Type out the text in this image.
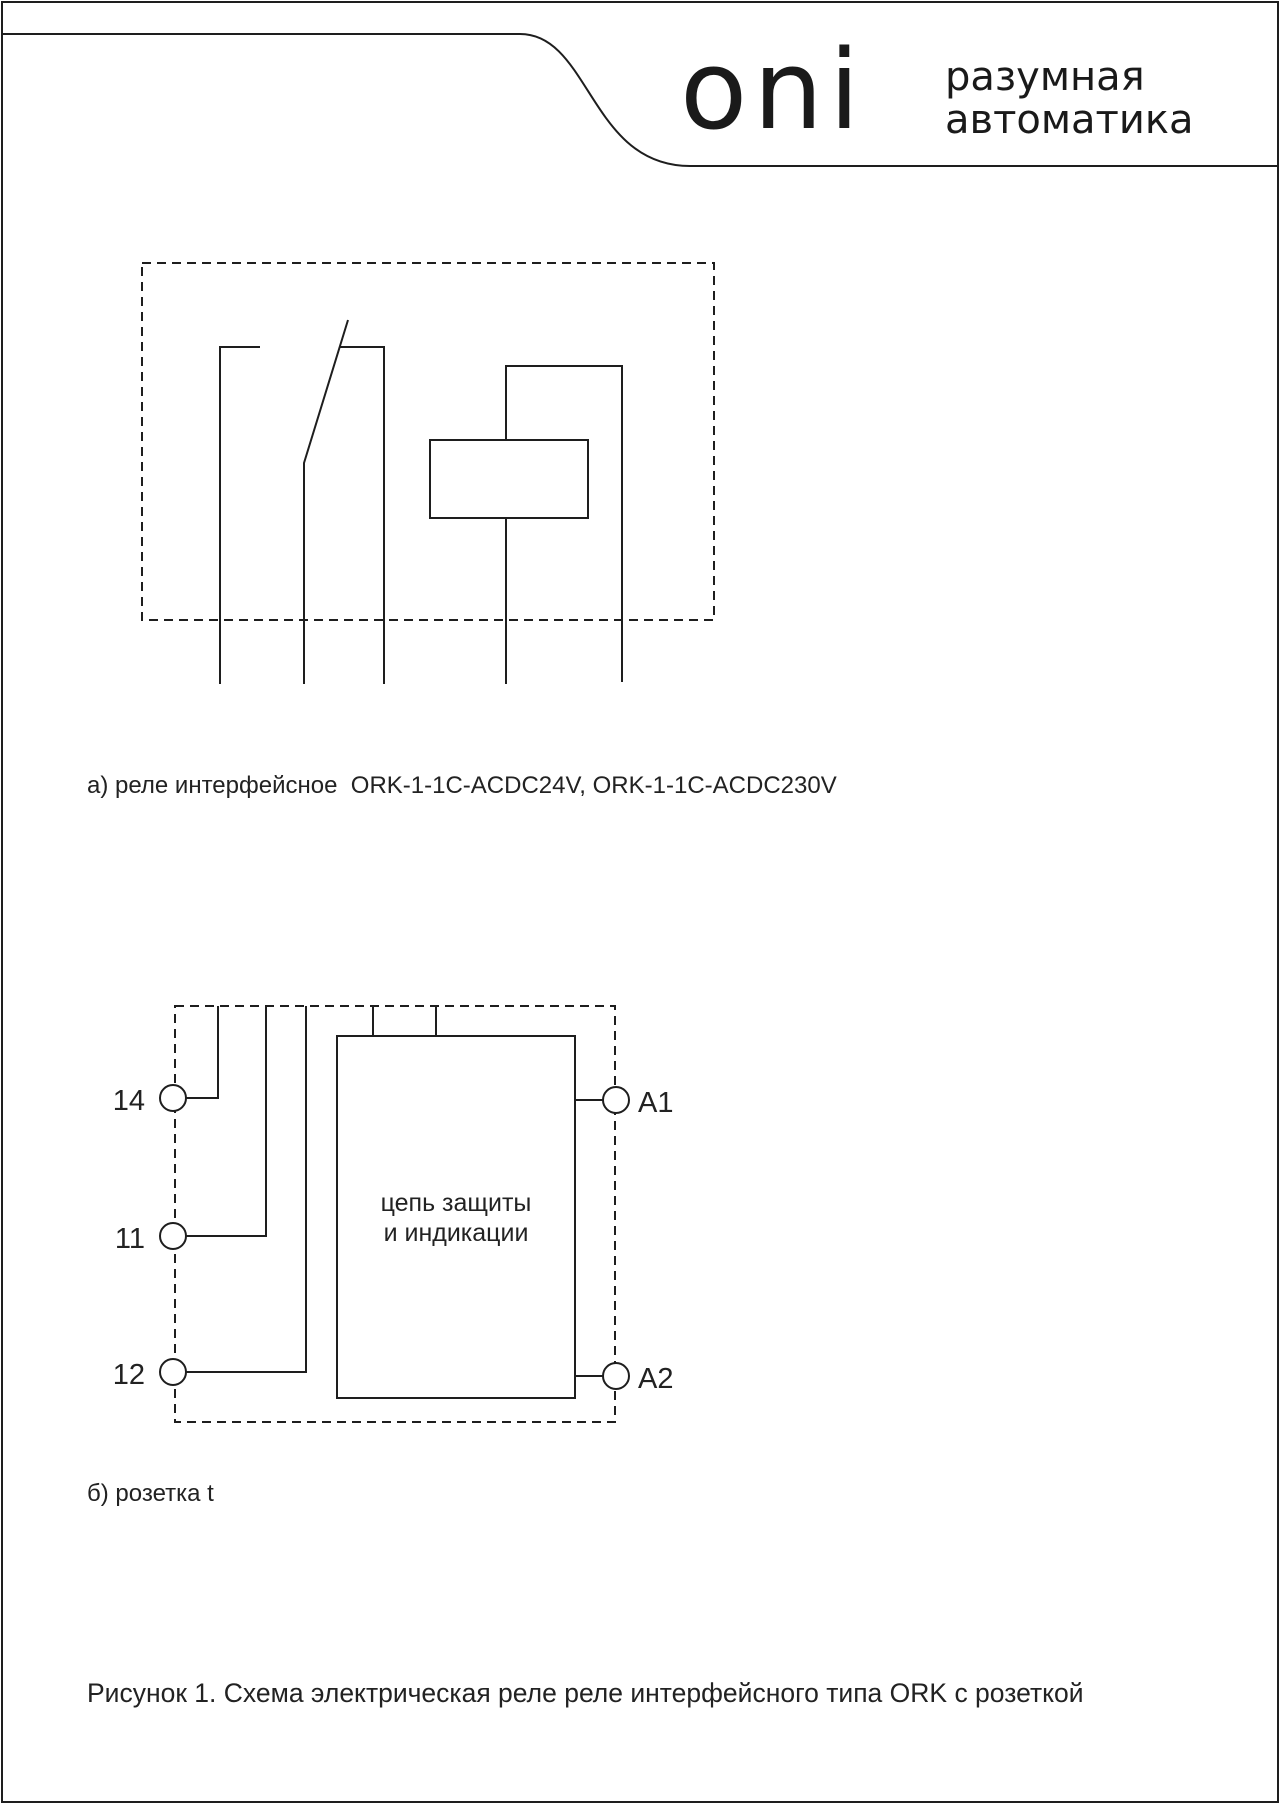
oni разумная
автоматика
14
11
12
A1
A2
цепь защиты
и индикации
а) реле интерфейсное  ORK-1-1C-ACDC24V, ORK-1-1C-ACDC230V
б) розетка t
Рисунок 1. Схема электрическая реле реле интерфейсного типа ORK с розеткой
